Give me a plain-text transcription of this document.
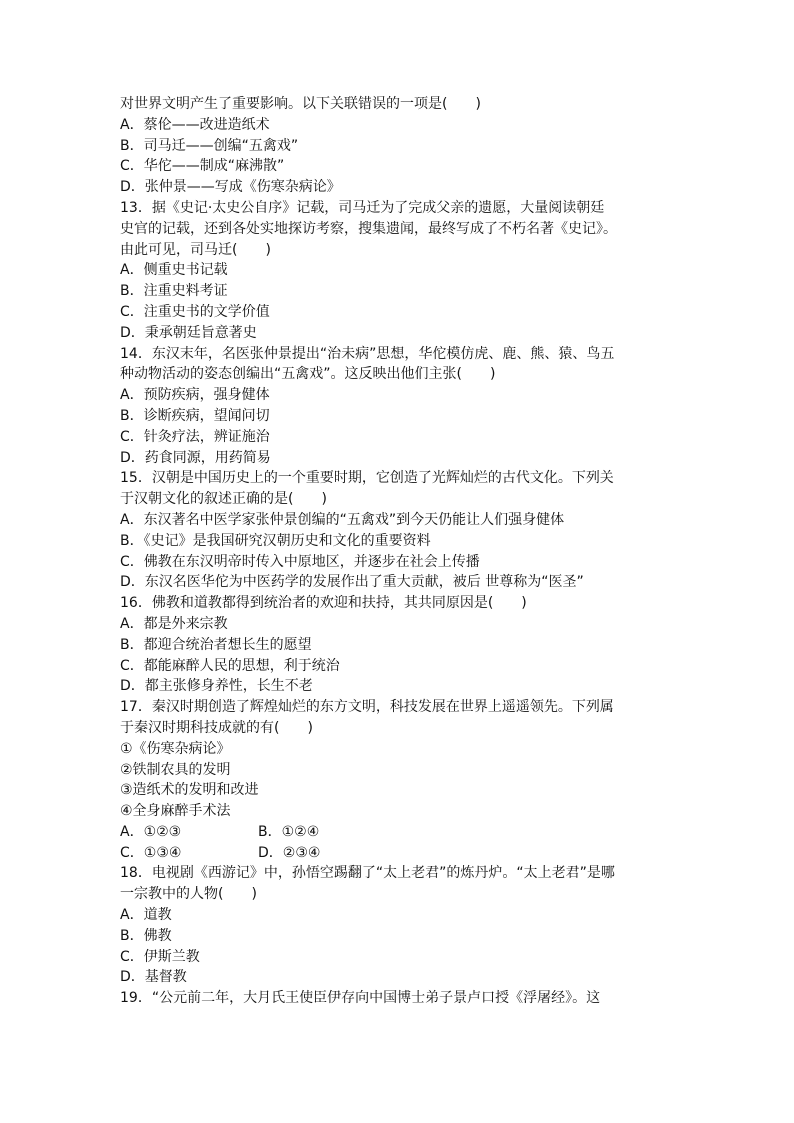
对世界文明产生了重要影响。以下关联错误的一项是(　　)
A．蔡伦——改进造纸术
B．司马迁——创编“五禽戏”
C．华佗——制成“麻沸散”
D．张仲景——写成《伤寒杂病论》
13．据《史记·太史公自序》记载，司马迁为了完成父亲的遗愿，大量阅读朝廷
史官的记载，还到各处实地探访考察，搜集遗闻，最终写成了不朽名著《史记》。
由此可见，司马迁(　　)
A．侧重史书记载
B．注重史料考证
C．注重史书的文学价值
D．秉承朝廷旨意著史
14．东汉末年，名医张仲景提出“治未病”思想，华佗模仿虎、鹿、熊、猿、鸟五
种动物活动的姿态创编出“五禽戏”。这反映出他们主张(　　)
A．预防疾病，强身健体
B．诊断疾病，望闻问切
C．针灸疗法，辨证施治
D．药食同源，用药简易
15．汉朝是中国历史上的一个重要时期，它创造了光辉灿烂的古代文化。下列关
于汉朝文化的叙述正确的是(　　)
A．东汉著名中医学家张仲景创编的“五禽戏”到今天仍能让人们强身健体
B．《史记》是我国研究汉朝历史和文化的重要资料
C．佛教在东汉明帝时传入中原地区，并逐步在社会上传播
D．东汉名医华佗为中医药学的发展作出了重大贡献，被后 世尊称为“医圣”
16．佛教和道教都得到统治者的欢迎和扶持，其共同原因是(　　)
A．都是外来宗教
B．都迎合统治者想长生的愿望
C．都能麻醉人民的思想，利于统治
D．都主张修身养性，长生不老
17．秦汉时期创造了辉煌灿烂的东方文明，科技发展在世界上遥遥领先。下列属
于秦汉时期科技成就的有(　　)
①《伤寒杂病论》
②铁制农具的发明
③造纸术的发明和改进
④全身麻醉手术法
A．①②③	B．①②④
C．①③④	D．②③④
18．电视剧《西游记》中，孙悟空踢翻了“太上老君”的炼丹炉。“太上老君”是哪
一宗教中的人物(　　)
A．道教
B．佛教
C．伊斯兰教
D．基督教
19．“公元前二年，大月氏王使臣伊存向中国博士弟子景卢口授《浮屠经》。这
